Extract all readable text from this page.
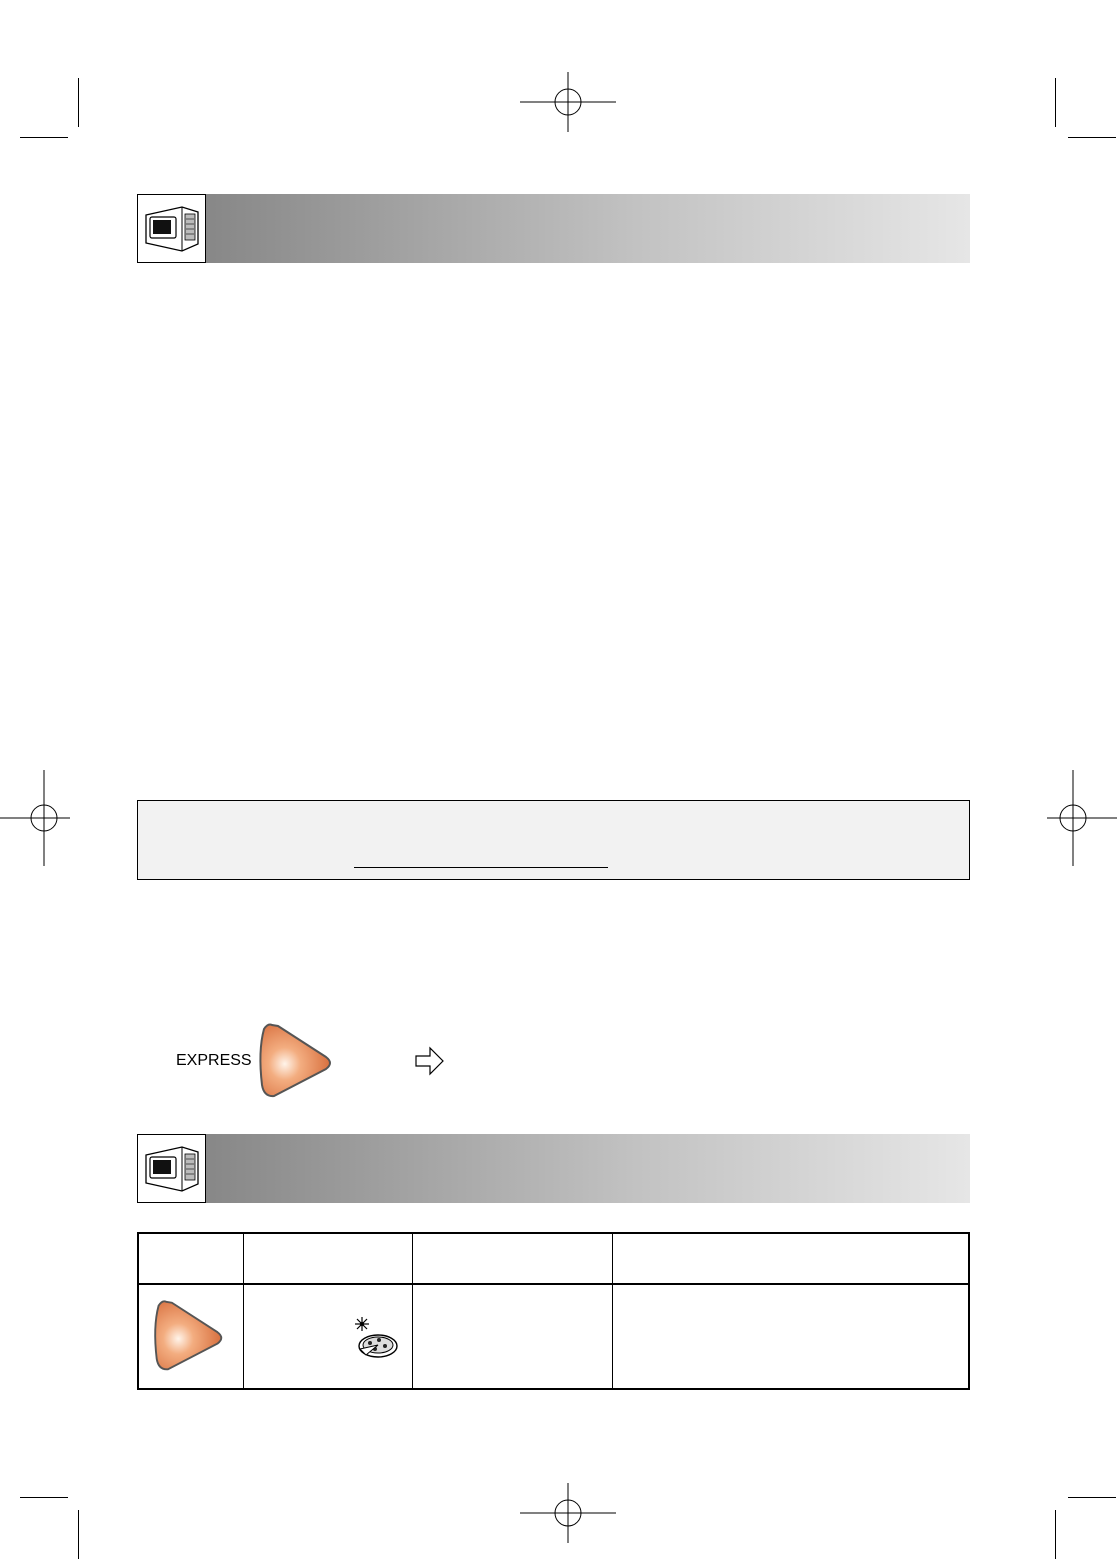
EXPRESS
